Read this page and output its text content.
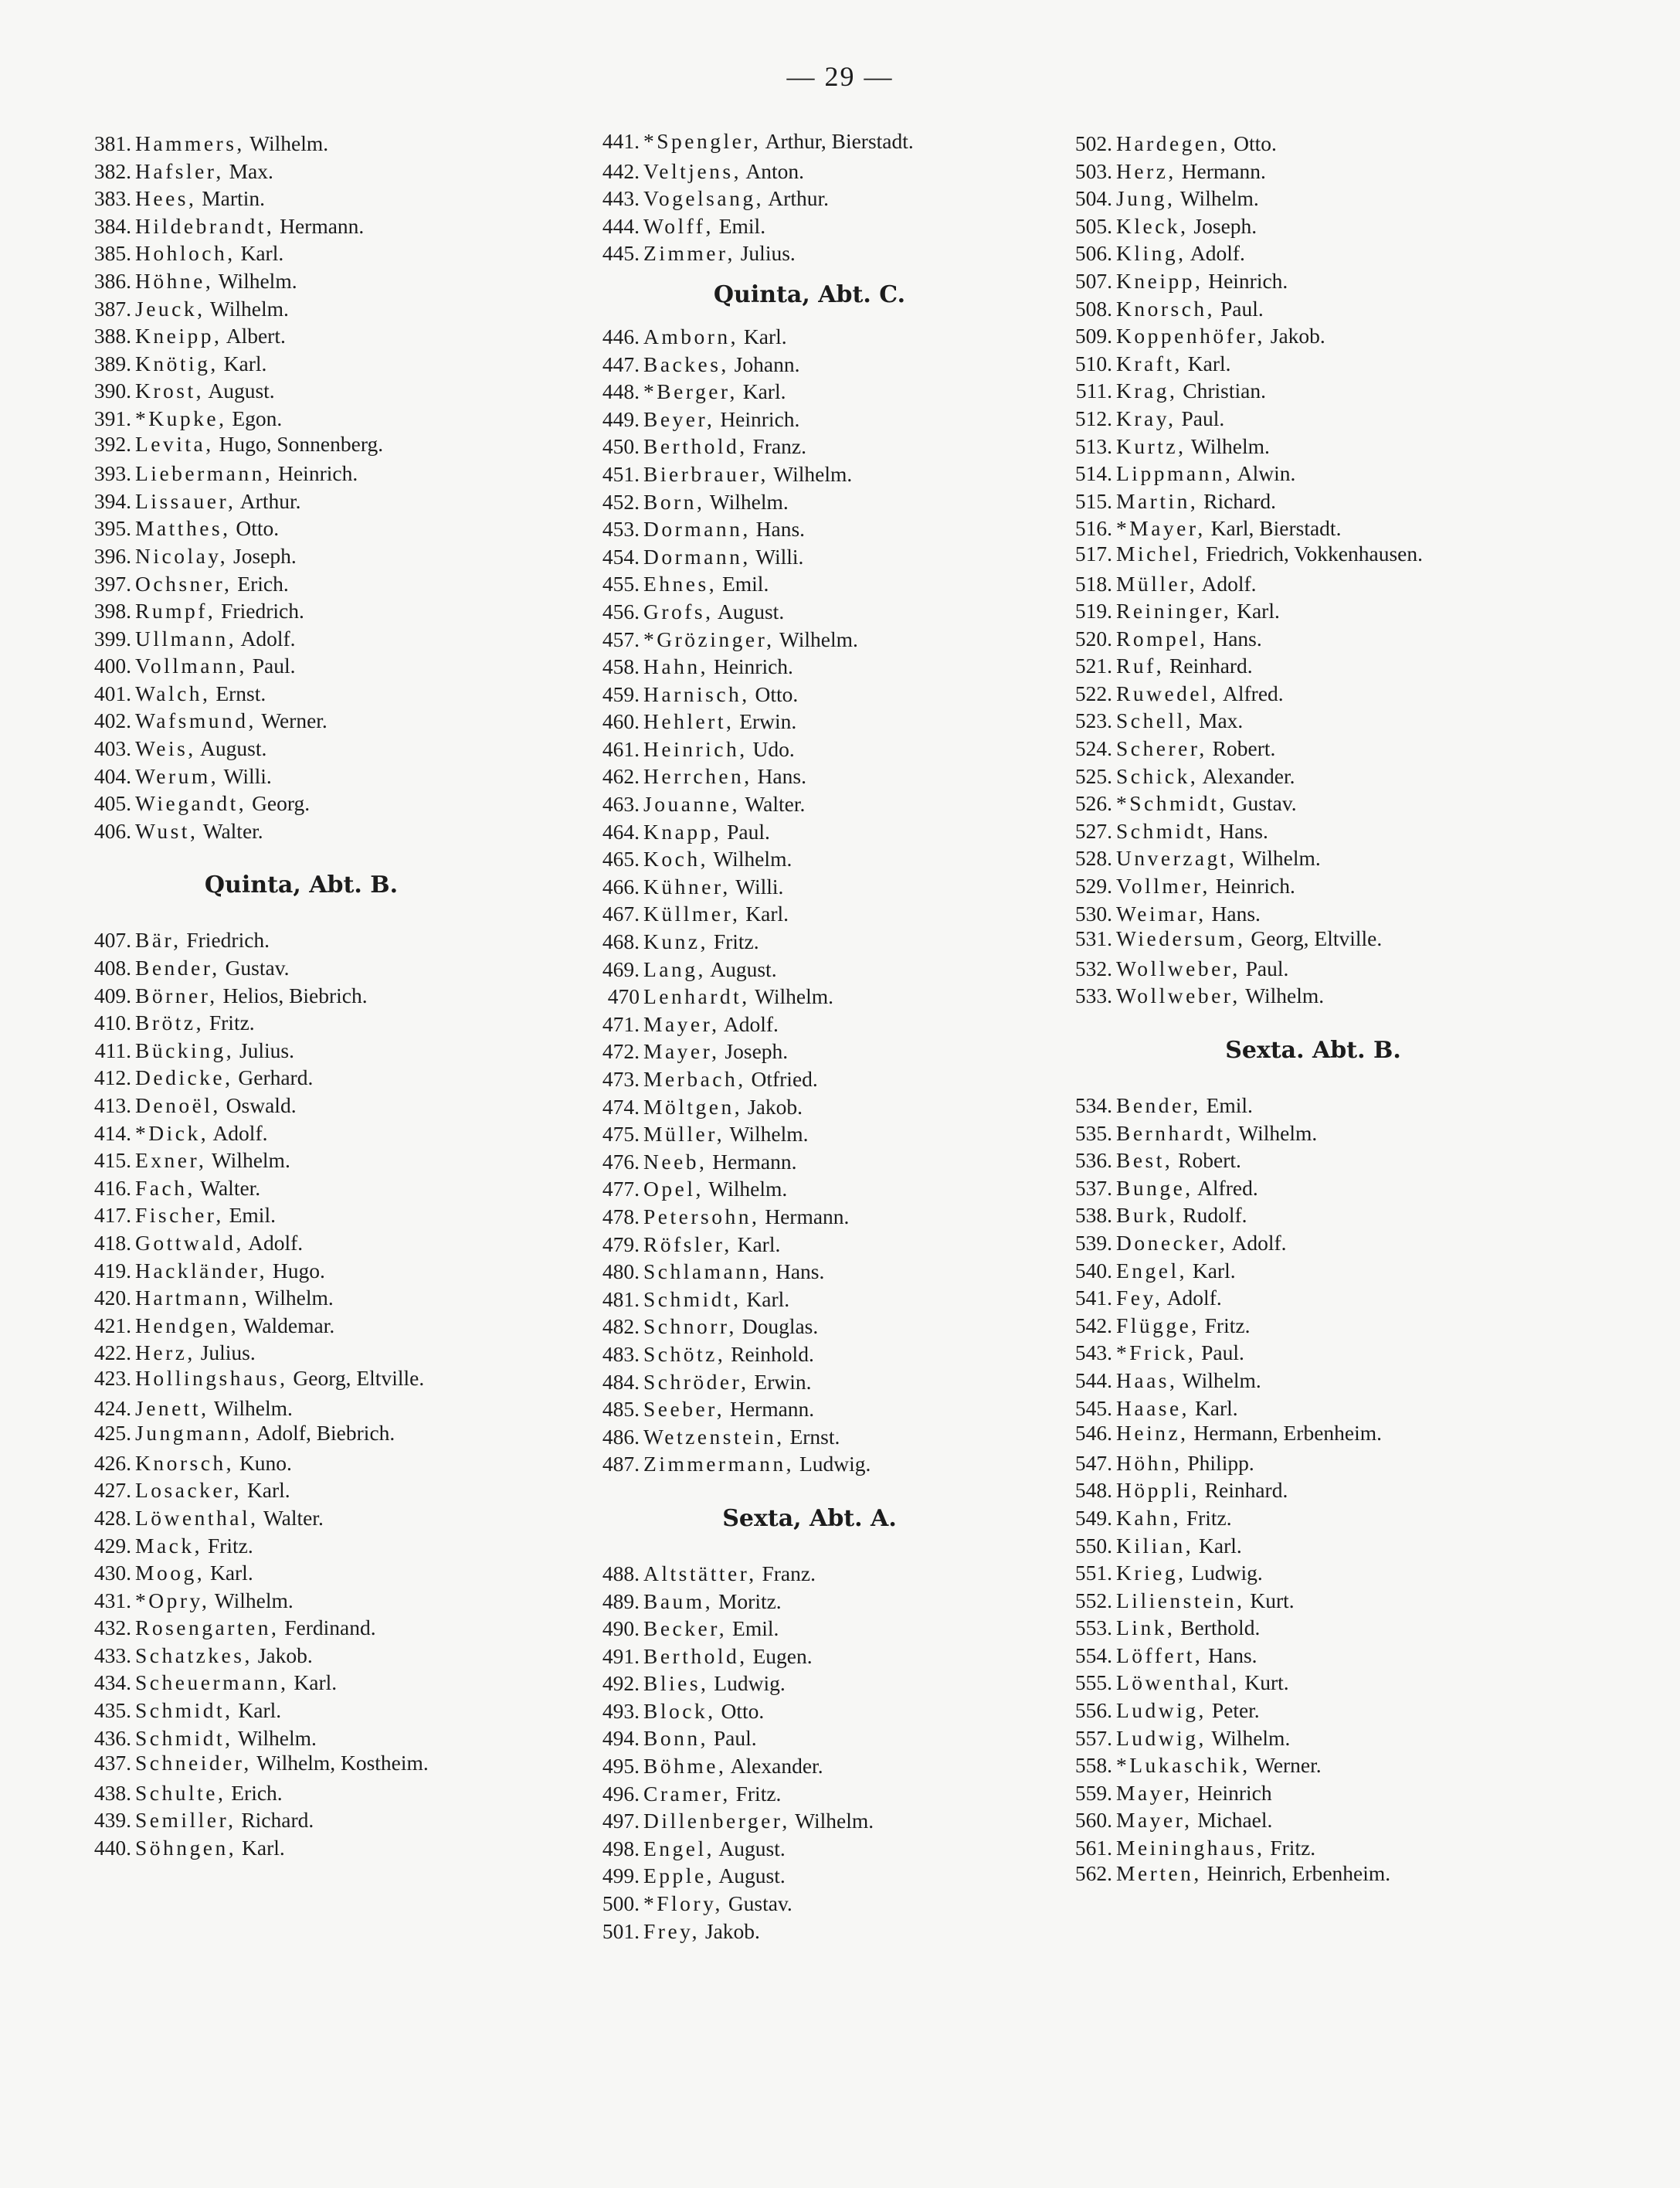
— 29 —
381. Hammers, Wilhelm.
382. Hafsler, Max.
383. Hees, Martin.
384. Hildebrandt, Hermann.
385. Hohloch, Karl.
386. Höhne, Wilhelm.
387. Jeuck, Wilhelm.
388. Kneipp, Albert.
389. Knötig, Karl.
390. Krost, August.
391. *Kupke, Egon.
392. Levita, Hugo, Sonnenberg.
393. Liebermann, Heinrich.
394. Lissauer, Arthur.
395. Matthes, Otto.
396. Nicolay, Joseph.
397. Ochsner, Erich.
398. Rumpf, Friedrich.
399. Ullmann, Adolf.
400. Vollmann, Paul.
401. Walch, Ernst.
402. Wafsmund, Werner.
403. Weis, August.
404. Werum, Willi.
405. Wiegandt, Georg.
406. Wust, Walter.
Quinta, Abt. B.
407. Bär, Friedrich.
408. Bender, Gustav.
409. Börner, Helios, Biebrich.
410. Brötz, Fritz.
411. Bücking, Julius.
412. Dedicke, Gerhard.
413. Denoël, Oswald.
414. *Dick, Adolf.
415. Exner, Wilhelm.
416. Fach, Walter.
417. Fischer, Emil.
418. Gottwald, Adolf.
419. Hackländer, Hugo.
420. Hartmann, Wilhelm.
421. Hendgen, Waldemar.
422. Herz, Julius.
423. Hollingshaus, Georg, Eltville.
424. Jenett, Wilhelm.
425. Jungmann, Adolf, Biebrich.
426. Knorsch, Kuno.
427. Losacker, Karl.
428. Löwenthal, Walter.
429. Mack, Fritz.
430. Moog, Karl.
431. *Opry, Wilhelm.
432. Rosengarten, Ferdinand.
433. Schatzkes, Jakob.
434. Scheuermann, Karl.
435. Schmidt, Karl.
436. Schmidt, Wilhelm.
437. Schneider, Wilhelm, Kostheim.
438. Schulte, Erich.
439. Semiller, Richard.
440. Söhngen, Karl.
441. *Spengler, Arthur, Bierstadt.
442. Veltjens, Anton.
443. Vogelsang, Arthur.
444. Wolff, Emil.
445. Zimmer, Julius.
Quinta, Abt. C.
446. Amborn, Karl.
447. Backes, Johann.
448. *Berger, Karl.
449. Beyer, Heinrich.
450. Berthold, Franz.
451. Bierbrauer, Wilhelm.
452. Born, Wilhelm.
453. Dormann, Hans.
454. Dormann, Willi.
455. Ehnes, Emil.
456. Grofs, August.
457. *Grözinger, Wilhelm.
458. Hahn, Heinrich.
459. Harnisch, Otto.
460. Hehlert, Erwin.
461. Heinrich, Udo.
462. Herrchen, Hans.
463. Jouanne, Walter.
464. Knapp, Paul.
465. Koch, Wilhelm.
466. Kühner, Willi.
467. Küllmer, Karl.
468. Kunz, Fritz.
469. Lang, August.
470 Lenhardt, Wilhelm.
471. Mayer, Adolf.
472. Mayer, Joseph.
473. Merbach, Otfried.
474. Möltgen, Jakob.
475. Müller, Wilhelm.
476. Neeb, Hermann.
477. Opel, Wilhelm.
478. Petersohn, Hermann.
479. Röfsler, Karl.
480. Schlamann, Hans.
481. Schmidt, Karl.
482. Schnorr, Douglas.
483. Schötz, Reinhold.
484. Schröder, Erwin.
485. Seeber, Hermann.
486. Wetzenstein, Ernst.
487. Zimmermann, Ludwig.
Sexta, Abt. A.
488. Altstätter, Franz.
489. Baum, Moritz.
490. Becker, Emil.
491. Berthold, Eugen.
492. Blies, Ludwig.
493. Block, Otto.
494. Bonn, Paul.
495. Böhme, Alexander.
496. Cramer, Fritz.
497. Dillenberger, Wilhelm.
498. Engel, August.
499. Epple, August.
500. *Flory, Gustav.
501. Frey, Jakob.
502. Hardegen, Otto.
503. Herz, Hermann.
504. Jung, Wilhelm.
505. Kleck, Joseph.
506. Kling, Adolf.
507. Kneipp, Heinrich.
508. Knorsch, Paul.
509. Koppenhöfer, Jakob.
510. Kraft, Karl.
511. Krag, Christian.
512. Kray, Paul.
513. Kurtz, Wilhelm.
514. Lippmann, Alwin.
515. Martin, Richard.
516. *Mayer, Karl, Bierstadt.
517. Michel, Friedrich, Vokkenhausen.
518. Müller, Adolf.
519. Reininger, Karl.
520. Rompel, Hans.
521. Ruf, Reinhard.
522. Ruwedel, Alfred.
523. Schell, Max.
524. Scherer, Robert.
525. Schick, Alexander.
526. *Schmidt, Gustav.
527. Schmidt, Hans.
528. Unverzagt, Wilhelm.
529. Vollmer, Heinrich.
530. Weimar, Hans.
531. Wiedersum, Georg, Eltville.
532. Wollweber, Paul.
533. Wollweber, Wilhelm.
Sexta. Abt. B.
534. Bender, Emil.
535. Bernhardt, Wilhelm.
536. Best, Robert.
537. Bunge, Alfred.
538. Burk, Rudolf.
539. Donecker, Adolf.
540. Engel, Karl.
541. Fey, Adolf.
542. Flügge, Fritz.
543. *Frick, Paul.
544. Haas, Wilhelm.
545. Haase, Karl.
546. Heinz, Hermann, Erbenheim.
547. Höhn, Philipp.
548. Höppli, Reinhard.
549. Kahn, Fritz.
550. Kilian, Karl.
551. Krieg, Ludwig.
552. Lilienstein, Kurt.
553. Link, Berthold.
554. Löffert, Hans.
555. Löwenthal, Kurt.
556. Ludwig, Peter.
557. Ludwig, Wilhelm.
558. *Lukaschik, Werner.
559. Mayer, Heinrich
560. Mayer, Michael.
561. Meininghaus, Fritz.
562. Merten, Heinrich, Erbenheim.
